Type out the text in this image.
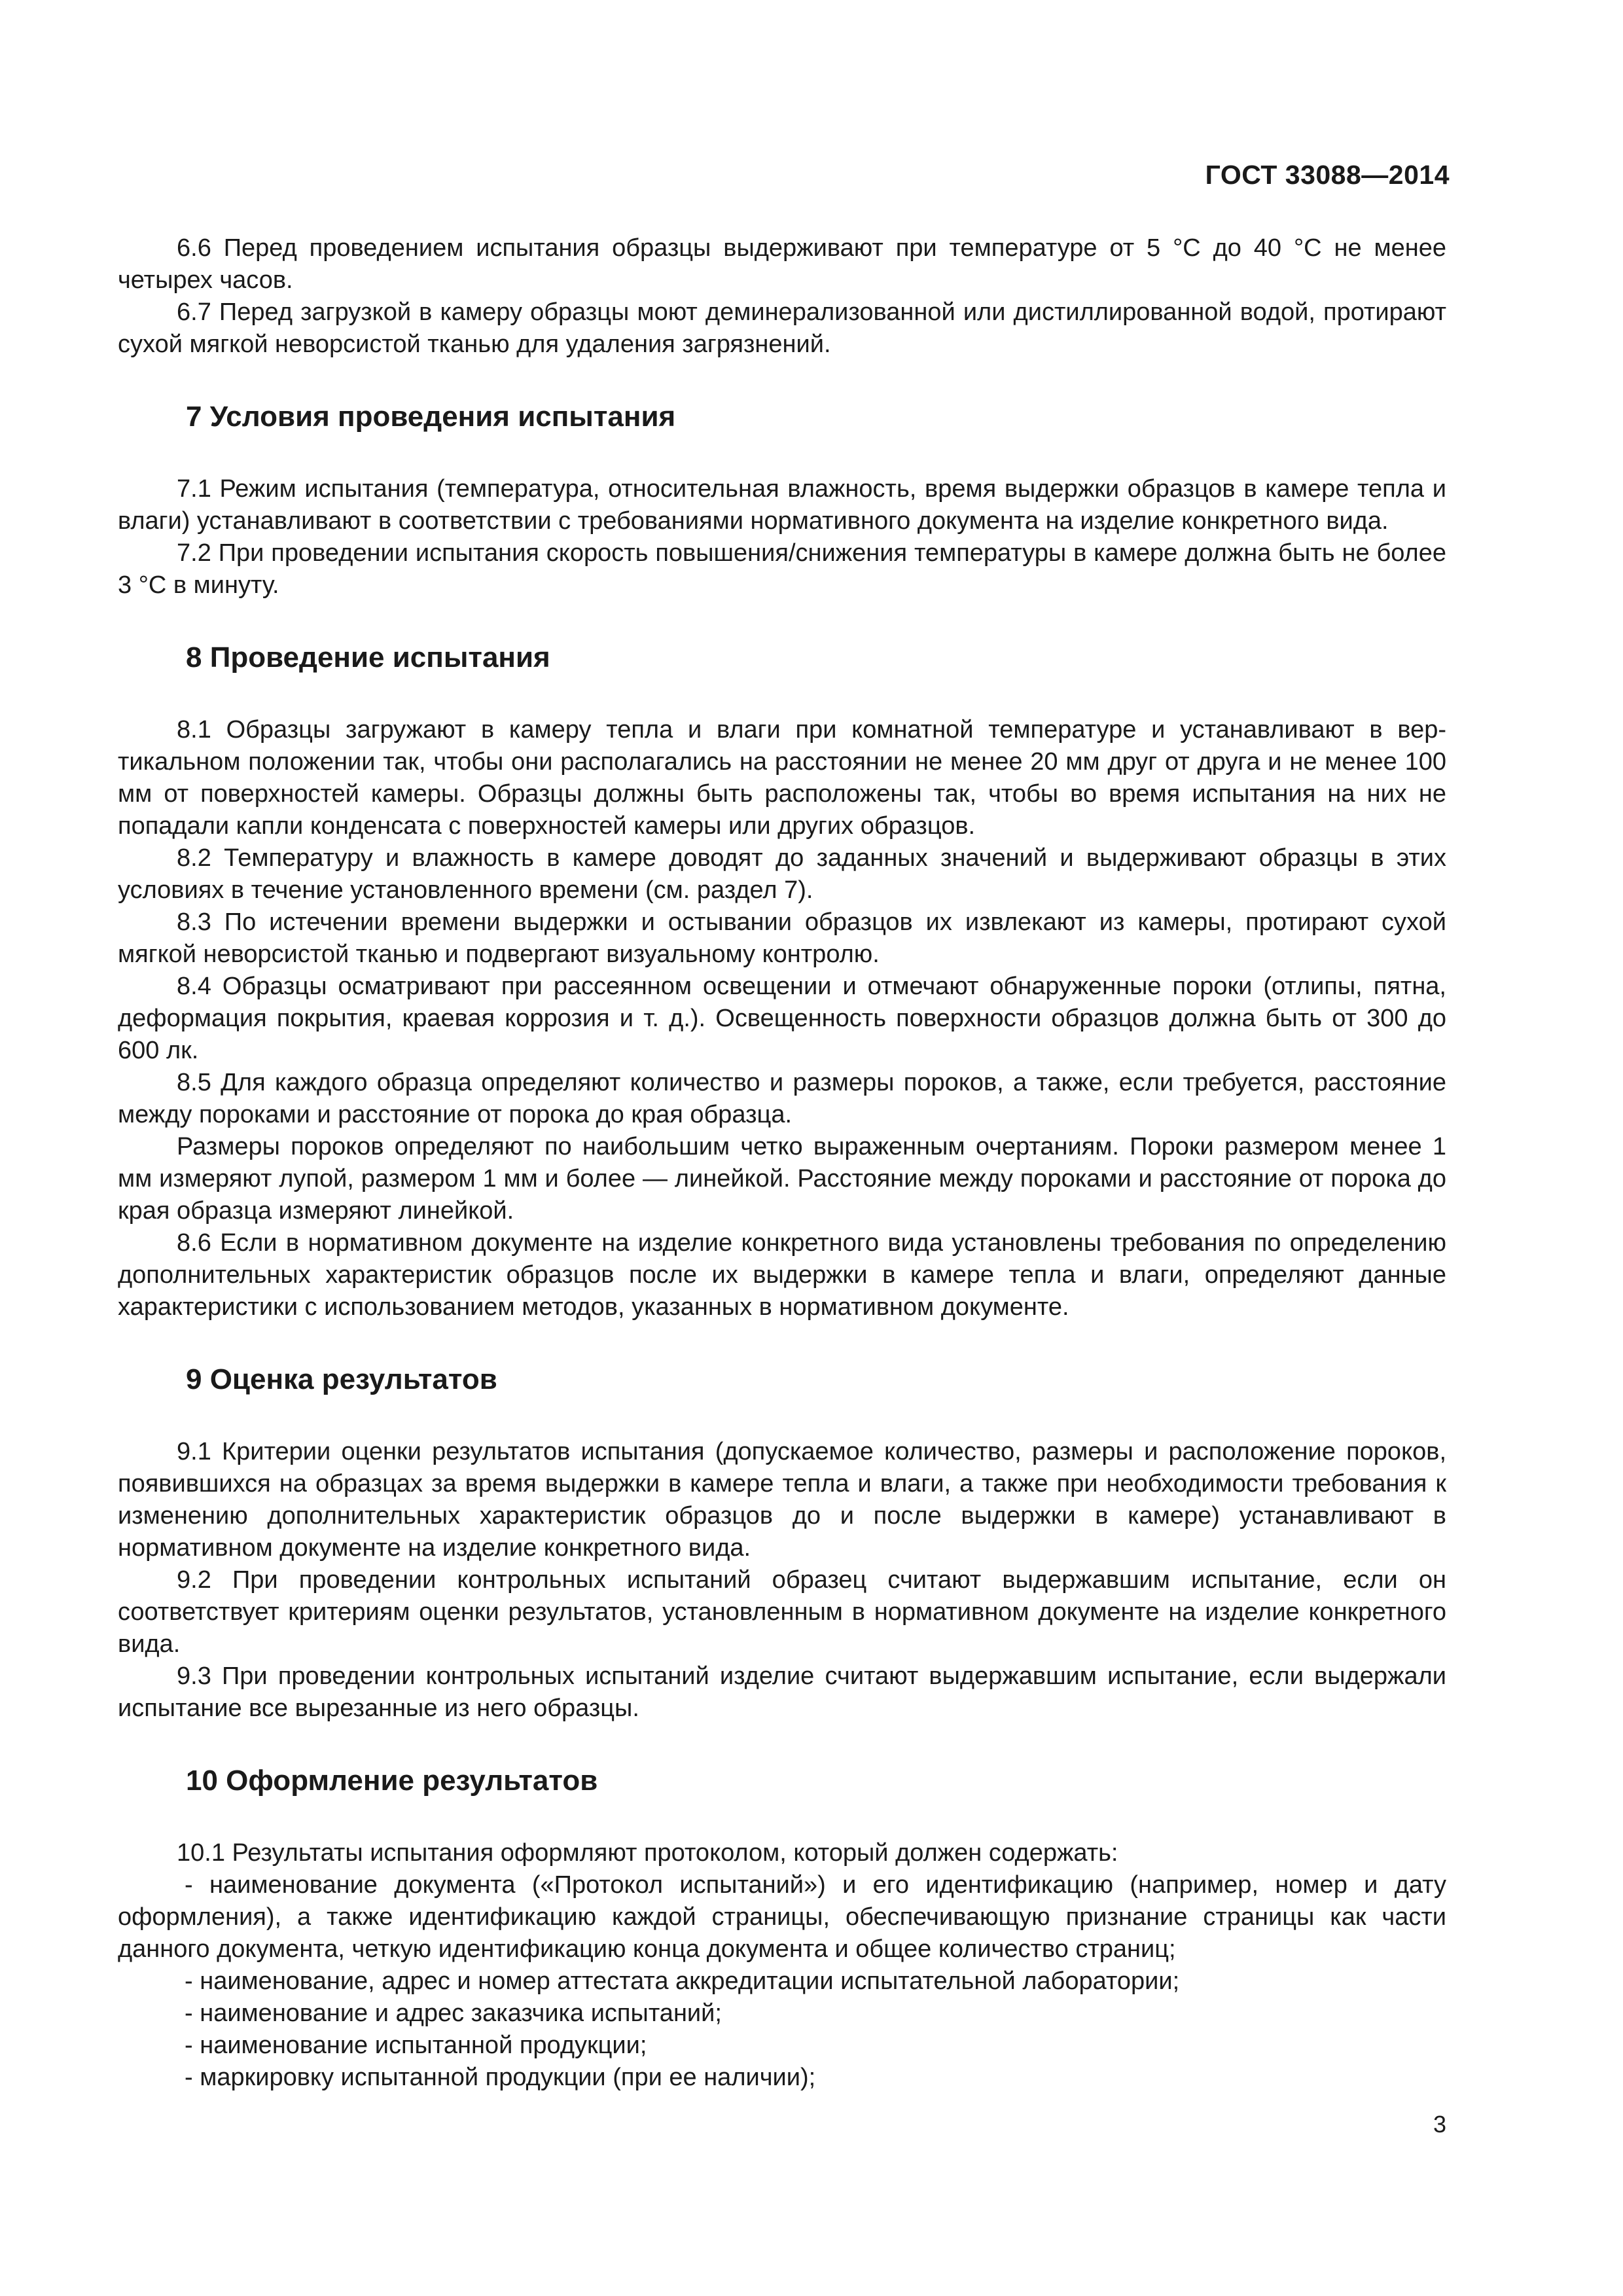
ГОСТ 33088—2014

6.6 Перед проведением испытания образцы выдерживают при температуре от 5 °С до 40 °С не менее четырех часов.

6.7 Перед загрузкой в камеру образцы моют деминерализованной или дистиллированной водой, протирают сухой мягкой неворсистой тканью для удаления загрязнений.

7 Условия проведения испытания

7.1 Режим испытания (температура, относительная влажность, время выдержки образцов в камере тепла и влаги) устанавливают в соответствии с требованиями нормативного документа на изделие конкретного вида.

7.2 При проведении испытания скорость повышения/снижения температуры в камере должна быть не более 3 °С в минуту.

8 Проведение испытания

8.1 Образцы загружают в камеру тепла и влаги при комнатной температуре и устанавливают в вертикальном положении так, чтобы они располагались на расстоянии не менее 20 мм друг от друга и не менее 100 мм от поверхностей камеры. Образцы должны быть расположены так, чтобы во время испытания на них не попадали капли конденсата с поверхностей камеры или других образцов.

8.2 Температуру и влажность в камере доводят до заданных значений и выдерживают образцы в этих условиях в течение установленного времени (см. раздел 7).

8.3 По истечении времени выдержки и остывании образцов их извлекают из камеры, протирают сухой мягкой неворсистой тканью и подвергают визуальному контролю.

8.4 Образцы осматривают при рассеянном освещении и отмечают обнаруженные пороки (отлипы, пятна, деформация покрытия, краевая коррозия и т. д.). Освещенность поверхности образцов должна быть от 300 до 600 лк.

8.5 Для каждого образца определяют количество и размеры пороков, а также, если требуется, расстояние между пороками и расстояние от порока до края образца.

Размеры пороков определяют по наибольшим четко выраженным очертаниям. Пороки размером менее 1 мм измеряют лупой, размером 1 мм и более — линейкой. Расстояние между пороками и расстояние от порока до края образца измеряют линейкой.

8.6 Если в нормативном документе на изделие конкретного вида установлены требования по определению дополнительных характеристик образцов после их выдержки в камере тепла и влаги, определяют данные характеристики с использованием методов, указанных в нормативном документе.

9 Оценка результатов

9.1 Критерии оценки результатов испытания (допускаемое количество, размеры и расположение пороков, появившихся на образцах за время выдержки в камере тепла и влаги, а также при необходимости требования к изменению дополнительных характеристик образцов до и после выдержки в камере) устанавливают в нормативном документе на изделие конкретного вида.

9.2 При проведении контрольных испытаний образец считают выдержавшим испытание, если он соответствует критериям оценки результатов, установленным в нормативном документе на изделие конкретного вида.

9.3 При проведении контрольных испытаний изделие считают выдержавшим испытание, если выдержали испытание все вырезанные из него образцы.

10 Оформление результатов

10.1 Результаты испытания оформляют протоколом, который должен содержать:

- наименование документа («Протокол испытаний») и его идентификацию (например, номер и дату оформления), а также идентификацию каждой страницы, обеспечивающую признание страницы как части данного документа, четкую идентификацию конца документа и общее количество страниц;
- наименование, адрес и номер аттестата аккредитации испытательной лаборатории;
- наименование и адрес заказчика испытаний;
- наименование испытанной продукции;
- маркировку испытанной продукции (при ее наличии);
3
